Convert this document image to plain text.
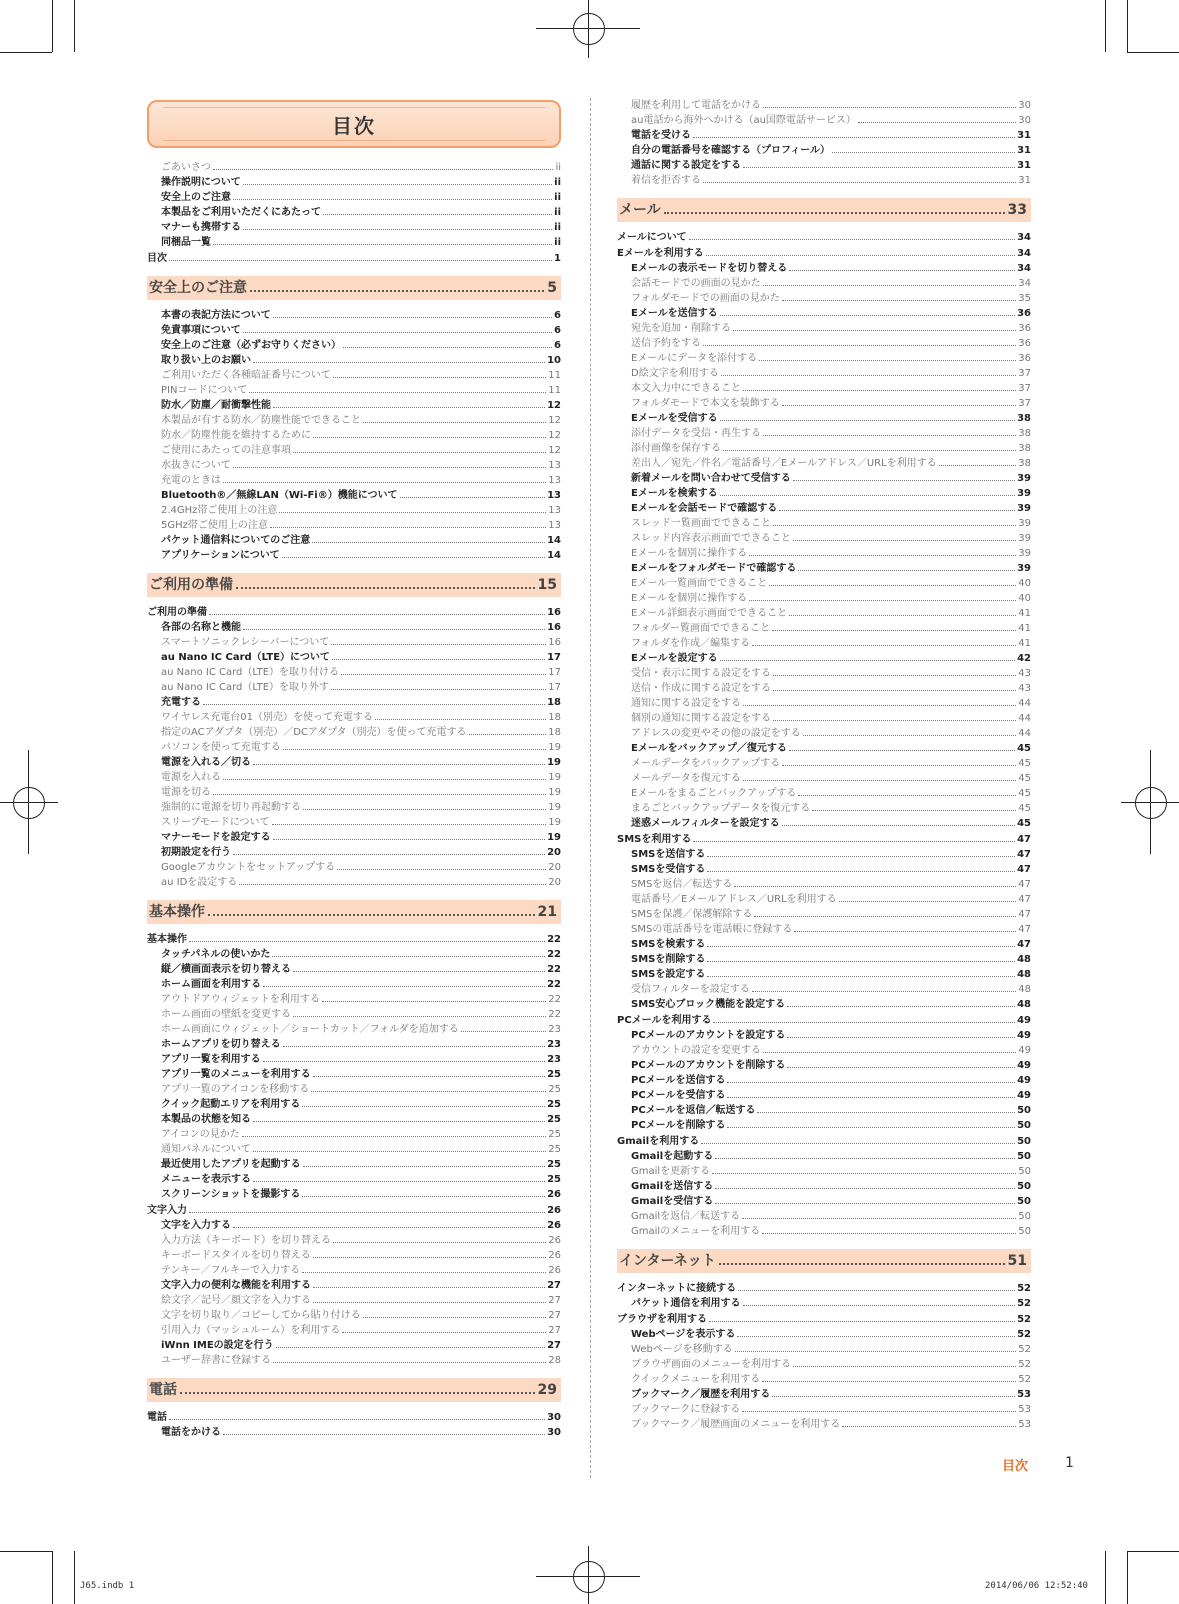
目次
ごあいさつ	ii
操作説明について	ii
安全上のご注意	ii
本製品をご利用いただくにあたって	ii
マナーも携帯する	ii
同梱品一覧	ii
目次	1
安全上のご注意	5
本書の表記方法について	6
免責事項について	6
安全上のご注意（必ずお守りください）	6
取り扱い上のお願い	10
ご利用いただく各種暗証番号について	11
PINコードについて	11
防水／防塵／耐衝撃性能	12
本製品が有する防水／防塵性能でできること	12
防水／防塵性能を維持するために	12
ご使用にあたっての注意事項	12
水抜きについて	13
充電のときは	13
Bluetooth®／無線LAN（Wi-Fi®）機能について	13
2.4GHz帯ご使用上の注意	13
5GHz帯ご使用上の注意	13
パケット通信料についてのご注意	14
アプリケーションについて	14
ご利用の準備	15
ご利用の準備	16
各部の名称と機能	16
スマートソニックレシーバーについて	16
au Nano IC Card（LTE）について	17
au Nano IC Card（LTE）を取り付ける	17
au Nano IC Card（LTE）を取り外す	17
充電する	18
ワイヤレス充電台01（別売）を使って充電する	18
指定のACアダプタ（別売）／DCアダプタ（別売）を使って充電する	18
パソコンを使って充電する	19
電源を入れる／切る	19
電源を入れる	19
電源を切る	19
強制的に電源を切り再起動する	19
スリープモードについて	19
マナーモードを設定する	19
初期設定を行う	20
Googleアカウントをセットアップする	20
au IDを設定する	20
基本操作	21
基本操作	22
タッチパネルの使いかた	22
縦／横画面表示を切り替える	22
ホーム画面を利用する	22
アウトドアウィジェットを利用する	22
ホーム画面の壁紙を変更する	22
ホーム画面にウィジェット／ショートカット／フォルダを追加する	23
ホームアプリを切り替える	23
アプリ一覧を利用する	23
アプリ一覧のメニューを利用する	25
アプリ一覧のアイコンを移動する	25
クイック起動エリアを利用する	25
本製品の状態を知る	25
アイコンの見かた	25
通知パネルについて	25
最近使用したアプリを起動する	25
メニューを表示する	25
スクリーンショットを撮影する	26
文字入力	26
文字を入力する	26
入力方法（キーボード）を切り替える	26
キーボードスタイルを切り替える	26
テンキー／フルキーで入力する	26
文字入力の便利な機能を利用する	27
絵文字／記号／顔文字を入力する	27
文字を切り取り／コピーしてから貼り付ける	27
引用入力（マッシュルーム）を利用する	27
iWnn IMEの設定を行う	27
ユーザー辞書に登録する	28
電話	29
電話	30
電話をかける	30
履歴を利用して電話をかける	30
au電話から海外へかける（au国際電話サービス）	30
電話を受ける	31
自分の電話番号を確認する（プロフィール）	31
通話に関する設定をする	31
着信を拒否する	31
メール	33
メールについて	34
Eメールを利用する	34
Eメールの表示モードを切り替える	34
会話モードでの画面の見かた	34
フォルダモードでの画面の見かた	35
Eメールを送信する	36
宛先を追加・削除する	36
送信予約をする	36
Eメールにデータを添付する	36
D絵文字を利用する	37
本文入力中にできること	37
フォルダモードで本文を装飾する	37
Eメールを受信する	38
添付データを受信・再生する	38
添付画像を保存する	38
差出人／宛先／件名／電話番号／Eメールアドレス／URLを利用する	38
新着メールを問い合わせて受信する	39
Eメールを検索する	39
Eメールを会話モードで確認する	39
スレッド一覧画面でできること	39
スレッド内容表示画面でできること	39
Eメールを個別に操作する	39
Eメールをフォルダモードで確認する	39
Eメール一覧画面でできること	40
Eメールを個別に操作する	40
Eメール詳細表示画面でできること	41
フォルダー覧画面でできること	41
フォルダを作成／編集する	41
Eメールを設定する	42
受信・表示に関する設定をする	43
送信・作成に関する設定をする	43
通知に関する設定をする	44
個別の通知に関する設定をする	44
アドレスの変更やその他の設定をする	44
Eメールをバックアップ／復元する	45
メールデータをバックアップする	45
メールデータを復元する	45
Eメールをまるごとバックアップする	45
まるごとバックアップデータを復元する	45
迷惑メールフィルターを設定する	45
SMSを利用する	47
SMSを送信する	47
SMSを受信する	47
SMSを返信／転送する	47
電話番号／Eメールアドレス／URLを利用する	47
SMSを保護／保護解除する	47
SMSの電話番号を電話帳に登録する	47
SMSを検索する	47
SMSを削除する	48
SMSを設定する	48
受信フィルターを設定する	48
SMS安心ブロック機能を設定する	48
PCメールを利用する	49
PCメールのアカウントを設定する	49
アカウントの設定を変更する	49
PCメールのアカウントを削除する	49
PCメールを送信する	49
PCメールを受信する	49
PCメールを返信／転送する	50
PCメールを削除する	50
Gmailを利用する	50
Gmailを起動する	50
Gmailを更新する	50
Gmailを送信する	50
Gmailを受信する	50
Gmailを返信／転送する	50
Gmailのメニューを利用する	50
インターネット	51
インターネットに接続する	52
パケット通信を利用する	52
ブラウザを利用する	52
Webページを表示する	52
Webページを移動する	52
ブラウザ画面のメニューを利用する	52
クイックメニューを利用する	52
ブックマーク／履歴を利用する	53
ブックマークに登録する	53
ブックマーク／履歴画面のメニューを利用する	53
目次	1
J65.indb 1	2014/06/06 12:52:40
